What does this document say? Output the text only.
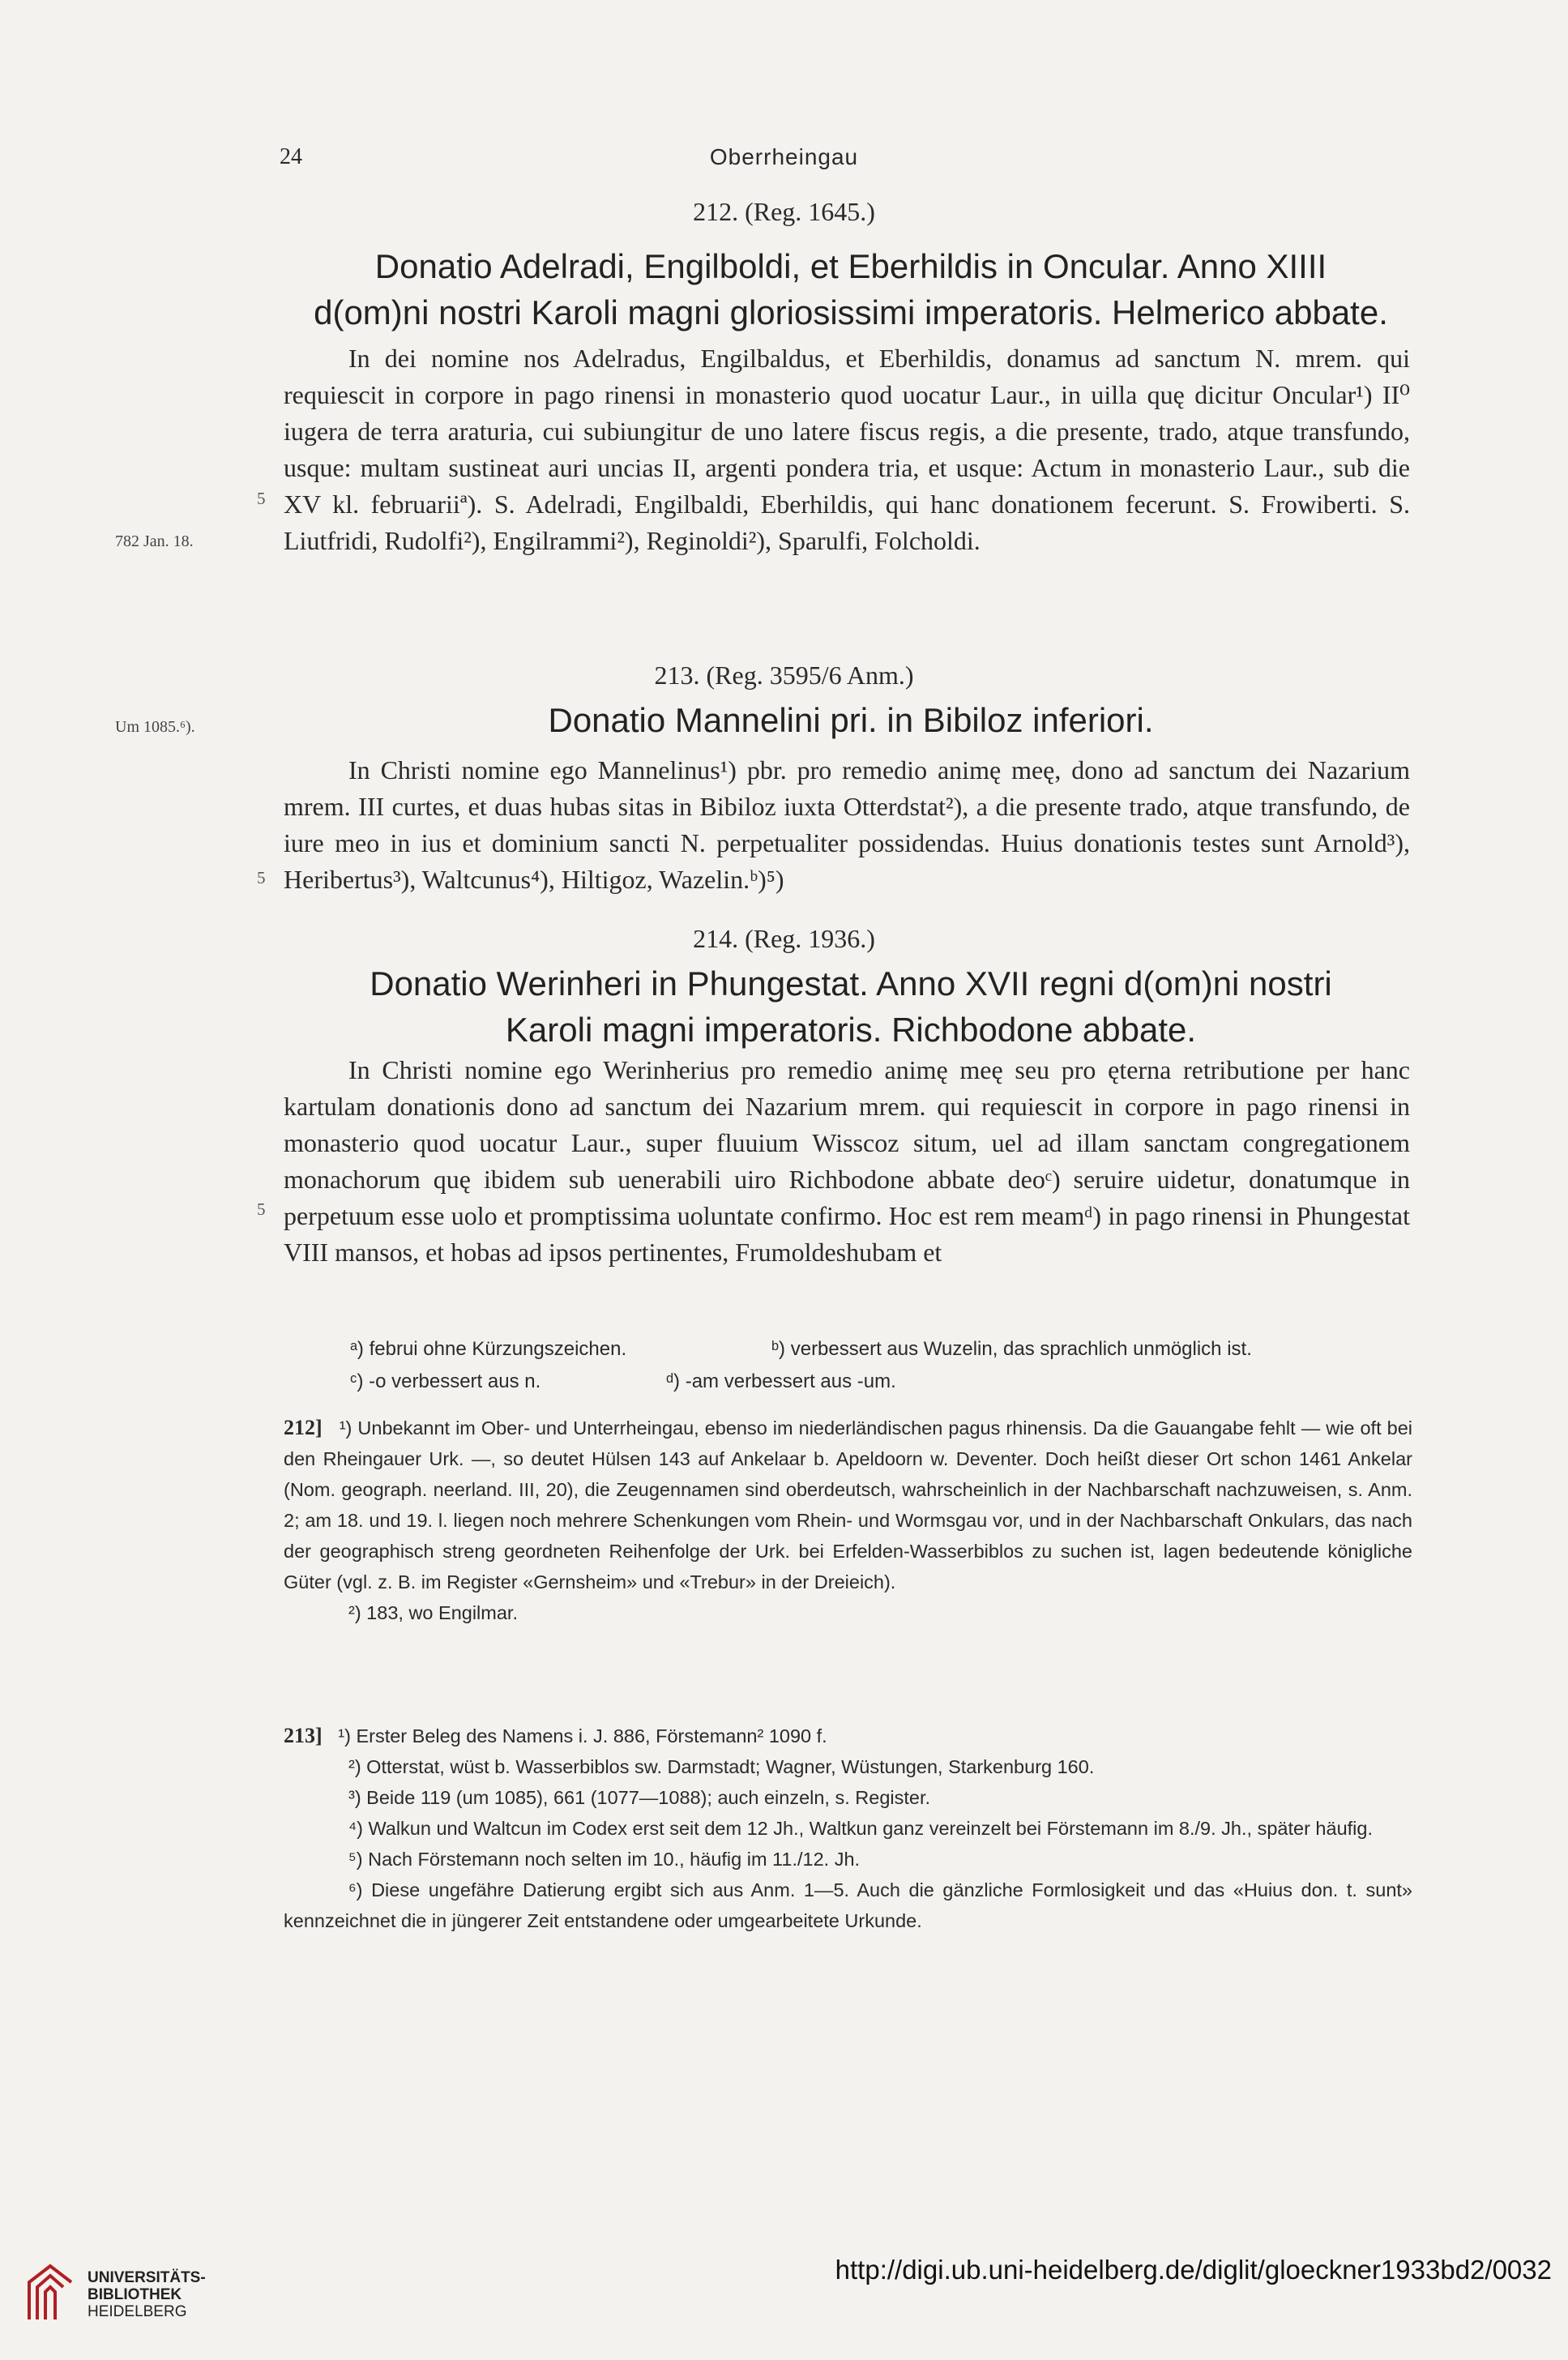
24	Oberrheingau
212. (Reg. 1645.)
Donatio Adelradi, Engilboldi, et Eberhildis in Oncular. Anno XIIII
d(om)ni nostri Karoli magni gloriosissimi imperatoris. Helmerico abbate.

In dei nomine nos Adelradus, Engilbaldus, et Eberhildis, donamus ad sanctum N. mrem. qui requiescit in corpore in pago rinensi in monasterio quod uocatur Laur., in uilla quę dicitur Oncular¹) II⁰ iugera de terra araturia, cui subiungitur de uno latere fiscus regis, a die presente, trado, atque transfundo, usque: multam sustineat auri uncias II, argenti pondera tria, et usque: Actum in monasterio Laur., sub die XV kl. februariiª). S. Adelradi, Engilbaldi, Eberhildis, qui hanc donationem fecerunt. S. Frowiberti. S. Liutfridi, Rudolfi²), Engilrammi²), Reginoldi²), Sparulfi, Folcholdi.

782 Jan. 18.
5
213. (Reg. 3595/6 Anm.)
Donatio Mannelini pri. in Bibiloz inferiori.

In Christi nomine ego Mannelinus¹) pbr. pro remedio animę meę, dono ad sanctum dei Nazarium mrem. III curtes, et duas hubas sitas in Bibiloz iuxta Otterdstat²), a die presente trado, atque transfundo, de iure meo in ius et dominium sancti N. perpetualiter possidendas. Huius donationis testes sunt Arnold³), Heribertus³), Waltcunus⁴), Hiltigoz, Wazelin.ᵇ)⁵)

Um 1085.⁶).
5
214. (Reg. 1936.)
Donatio Werinheri in Phungestat. Anno XVII regni d(om)ni nostri
Karoli magni imperatoris. Richbodone abbate.

In Christi nomine ego Werinherius pro remedio animę meę seu pro ęterna retributione per hanc kartulam donationis dono ad sanctum dei Nazarium mrem. qui requiescit in corpore in pago rinensi in monasterio quod uocatur Laur., super fluuium Wisscoz situm, uel ad illam sanctam congregationem monachorum quę ibidem sub uenerabili uiro Richbodone abbate deoᶜ) seruire uidetur, donatumque in perpetuum esse uolo et promptissima uoluntate confirmo. Hoc est rem meamᵈ) in pago rinensi in Phungestat VIII mansos, et hobas ad ipsos pertinentes, Frumoldeshubam et

5
ᵃ) februi ohne Kürzungszeichen.	ᵇ) verbessert aus Wuzelin, das sprachlich unmöglich ist.
ᶜ) -o verbessert aus n.	ᵈ) -am verbessert aus -um.

212] ¹) Unbekannt im Ober- und Unterrheingau, ebenso im niederländischen pagus rhinensis. Da die Gauangabe fehlt — wie oft bei den Rheingauer Urk. —, so deutet Hülsen 143 auf Ankelaar b. Apeldoorn w. Deventer. Doch heißt dieser Ort schon 1461 Ankelar (Nom. geograph. neerland. III, 20), die Zeugennamen sind oberdeutsch, wahrscheinlich in der Nachbarschaft nachzuweisen, s. Anm. 2; am 18. und 19. l. liegen noch mehrere Schenkungen vom Rhein- und Wormsgau vor, und in der Nachbarschaft Onkulars, das nach der geographisch streng geordneten Reihenfolge der Urk. bei Erfelden-Wasserbiblos zu suchen ist, lagen bedeutende königliche Güter (vgl. z. B. im Register «Gernsheim» und «Trebur» in der Dreieich).

²) 183, wo Engilmar.

213] ¹) Erster Beleg des Namens i. J. 886, Förstemann² 1090 f.

²) Otterstat, wüst b. Wasserbiblos sw. Darmstadt; Wagner, Wüstungen, Starkenburg 160.

³) Beide 119 (um 1085), 661 (1077—1088); auch einzeln, s. Register.

⁴) Walkun und Waltcun im Codex erst seit dem 12 Jh., Waltkun ganz vereinzelt bei Förstemann im 8./9. Jh., später häufig.

⁵) Nach Förstemann noch selten im 10., häufig im 11./12. Jh.

⁶) Diese ungefähre Datierung ergibt sich aus Anm. 1—5. Auch die gänzliche Formlosigkeit und das «Huius don. t. sunt» kennzeichnet die in jüngerer Zeit entstandene oder umgearbeitete Urkunde.

UNIVERSITÄTS-
BIBLIOTHEK
HEIDELBERG
http://digi.ub.uni-heidelberg.de/diglit/gloeckner1933bd2/0032
